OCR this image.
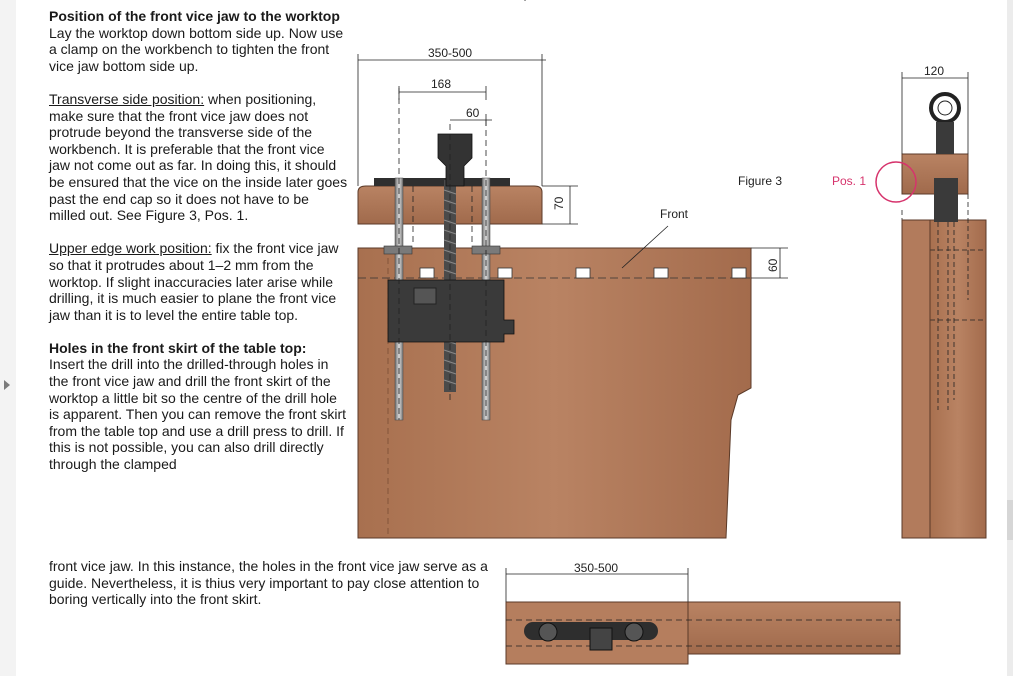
Position of the front vice jaw to the worktop
Lay the worktop down bottom side up. Now use a clamp on the workbench to tighten the front vice jaw bottom side up.

Transverse side position: when positioning, make sure that the front vice jaw does not protrude beyond the transverse side of the workbench. It is preferable that the front vice jaw not come out as far. In doing this, it should be ensured that the vice on the inside later goes past the end cap so it does not have to be milled out. See Figure 3, Pos. 1.

Upper edge work position: fix the front vice jaw so that it protrudes about 1–2 mm from the worktop. If slight inaccuracies later arise while drilling, it is much easier to plane the front vice jaw than it is to level the entire table top.

Holes in the front skirt of the table top:
Insert the drill into the drilled-through holes in the front vice jaw and drill the front skirt of the worktop a little bit so the centre of the drill hole is apparent. Then you can remove the front skirt from the table top and use a drill press to drill. If this is not possible, you can also drill directly through the clamped

front vice jaw. In this instance, the holes in the front vice jaw serve as a guide. Nevertheless, it is thius very important to pay close attention to boring vertically into the front skirt.
350-500
168
60
70
60
Front
Figure 3	Pos. 1
120
350-500
